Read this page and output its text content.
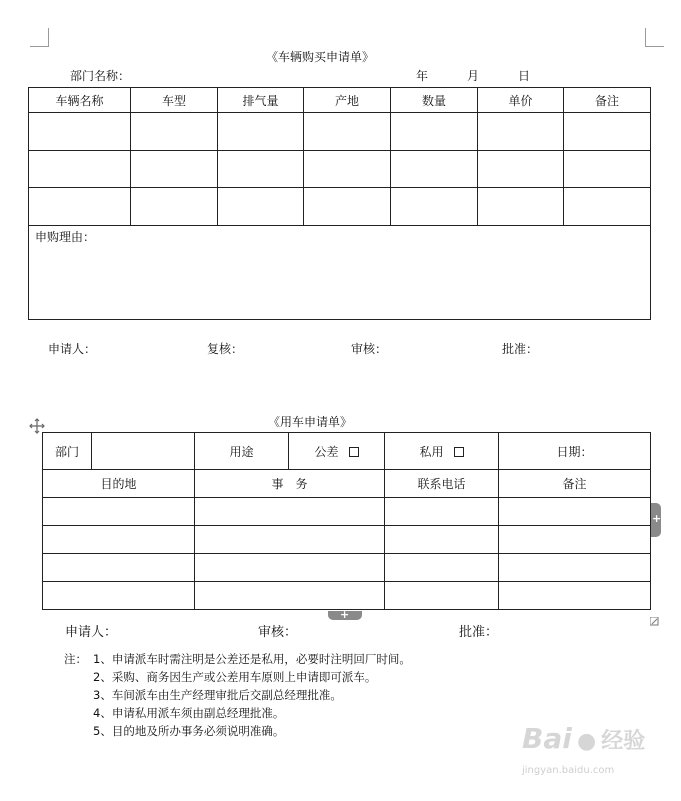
《车辆购买申请单》
部门名称：	年	月	日
车辆名称	车型	排气量	产地	数量	单价	备注

申购理由：						
申请人：	复核：	审核：	批准：
《用车申请单》
部门		用途	公差	私用	日期：
目的地		事　务		联系电话	备注

+
+
申请人：	审核：	批准：
注： 1、申请派车时需注明是公差还是私用，必要时注明回厂时间。
2、采购、商务因生产或公差用车原则上申请即可派车。
3、车间派车由生产经理审批后交副总经理批准。
4、申请私用派车须由副总经理批准。
5、目的地及所办事务必须说明准确。	Bai ● 经验
jingyan.baidu.com
